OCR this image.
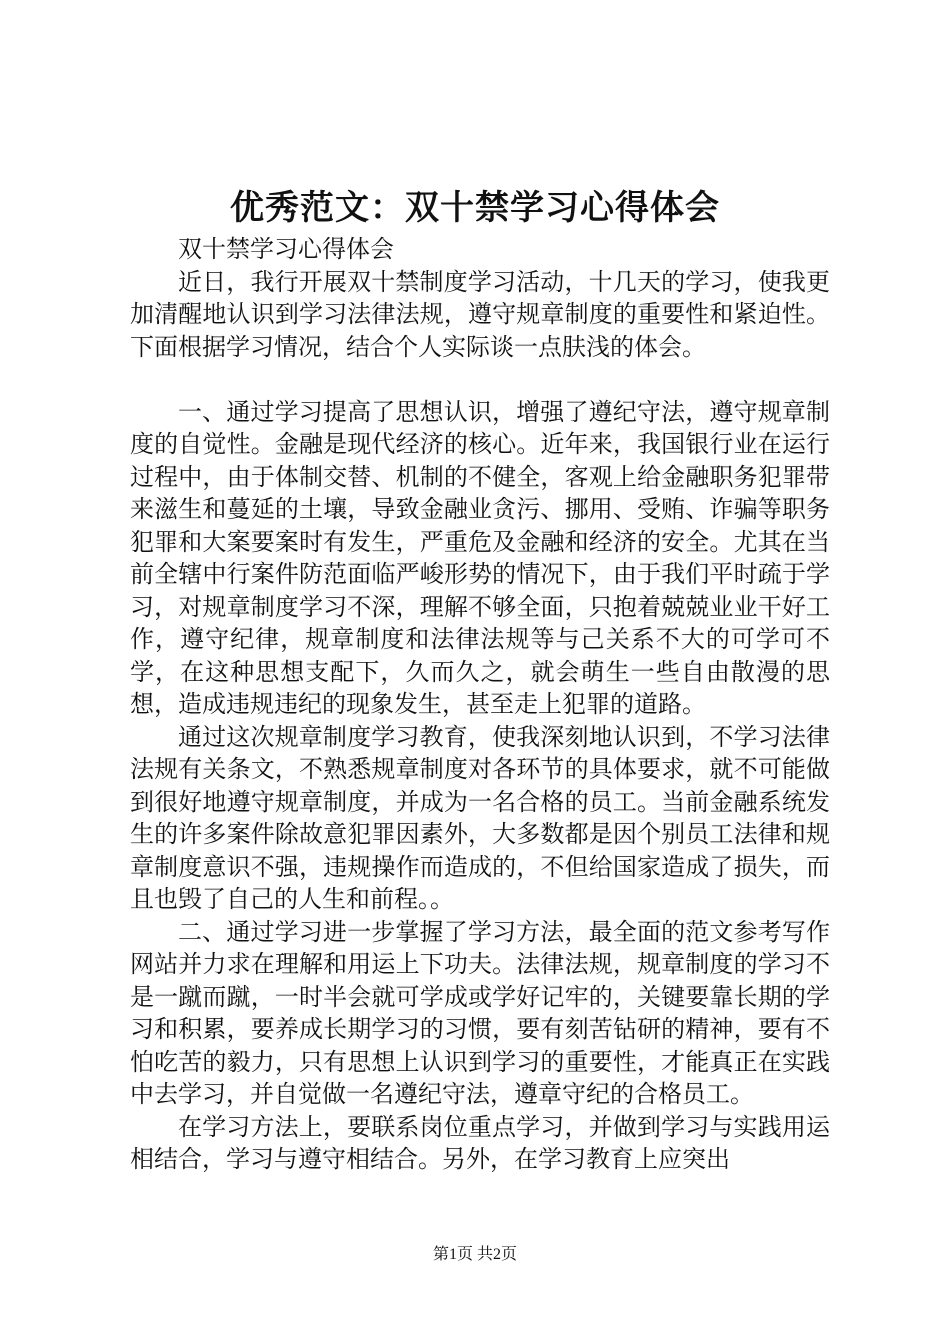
优秀范文：双十禁学习心得体会

双十禁学习心得体会

近日，我行开展双十禁制度学习活动，十几天的学习，使我更加清醒地认识到学习法律法规，遵守规章制度的重要性和紧迫性。下面根据学习情况，结合个人实际谈一点肤浅的体会。

一、通过学习提高了思想认识，增强了遵纪守法，遵守规章制度的自觉性。金融是现代经济的核心。近年来，我国银行业在运行过程中，由于体制交替、机制的不健全，客观上给金融职务犯罪带来滋生和蔓延的土壤，导致金融业贪污、挪用、受贿、诈骗等职务犯罪和大案要案时有发生，严重危及金融和经济的安全。尤其在当前全辖中行案件防范面临严峻形势的情况下，由于我们平时疏于学习，对规章制度学习不深，理解不够全面，只抱着兢兢业业干好工作，遵守纪律，规章制度和法律法规等与己关系不大的可学可不学，在这种思想支配下，久而久之，就会萌生一些自由散漫的思想，造成违规违纪的现象发生，甚至走上犯罪的道路。

通过这次规章制度学习教育，使我深刻地认识到，不学习法律法规有关条文，不熟悉规章制度对各环节的具体要求，就不可能做到很好地遵守规章制度，并成为一名合格的员工。当前金融系统发生的许多案件除故意犯罪因素外，大多数都是因个别员工法律和规章制度意识不强，违规操作而造成的，不但给国家造成了损失，而且也毁了自己的人生和前程。。

二、通过学习进一步掌握了学习方法，最全面的范文参考写作网站并力求在理解和用运上下功夫。法律法规，规章制度的学习不是一蹴而蹴，一时半会就可学成或学好记牢的，关键要靠长期的学习和积累，要养成长期学习的习惯，要有刻苦钻研的精神，要有不怕吃苦的毅力，只有思想上认识到学习的重要性，才能真正在实践中去学习，并自觉做一名遵纪守法，遵章守纪的合格员工。

在学习方法上，要联系岗位重点学习，并做到学习与实践用运相结合，学习与遵守相结合。另外，在学习教育上应突出

第1页 共2页
